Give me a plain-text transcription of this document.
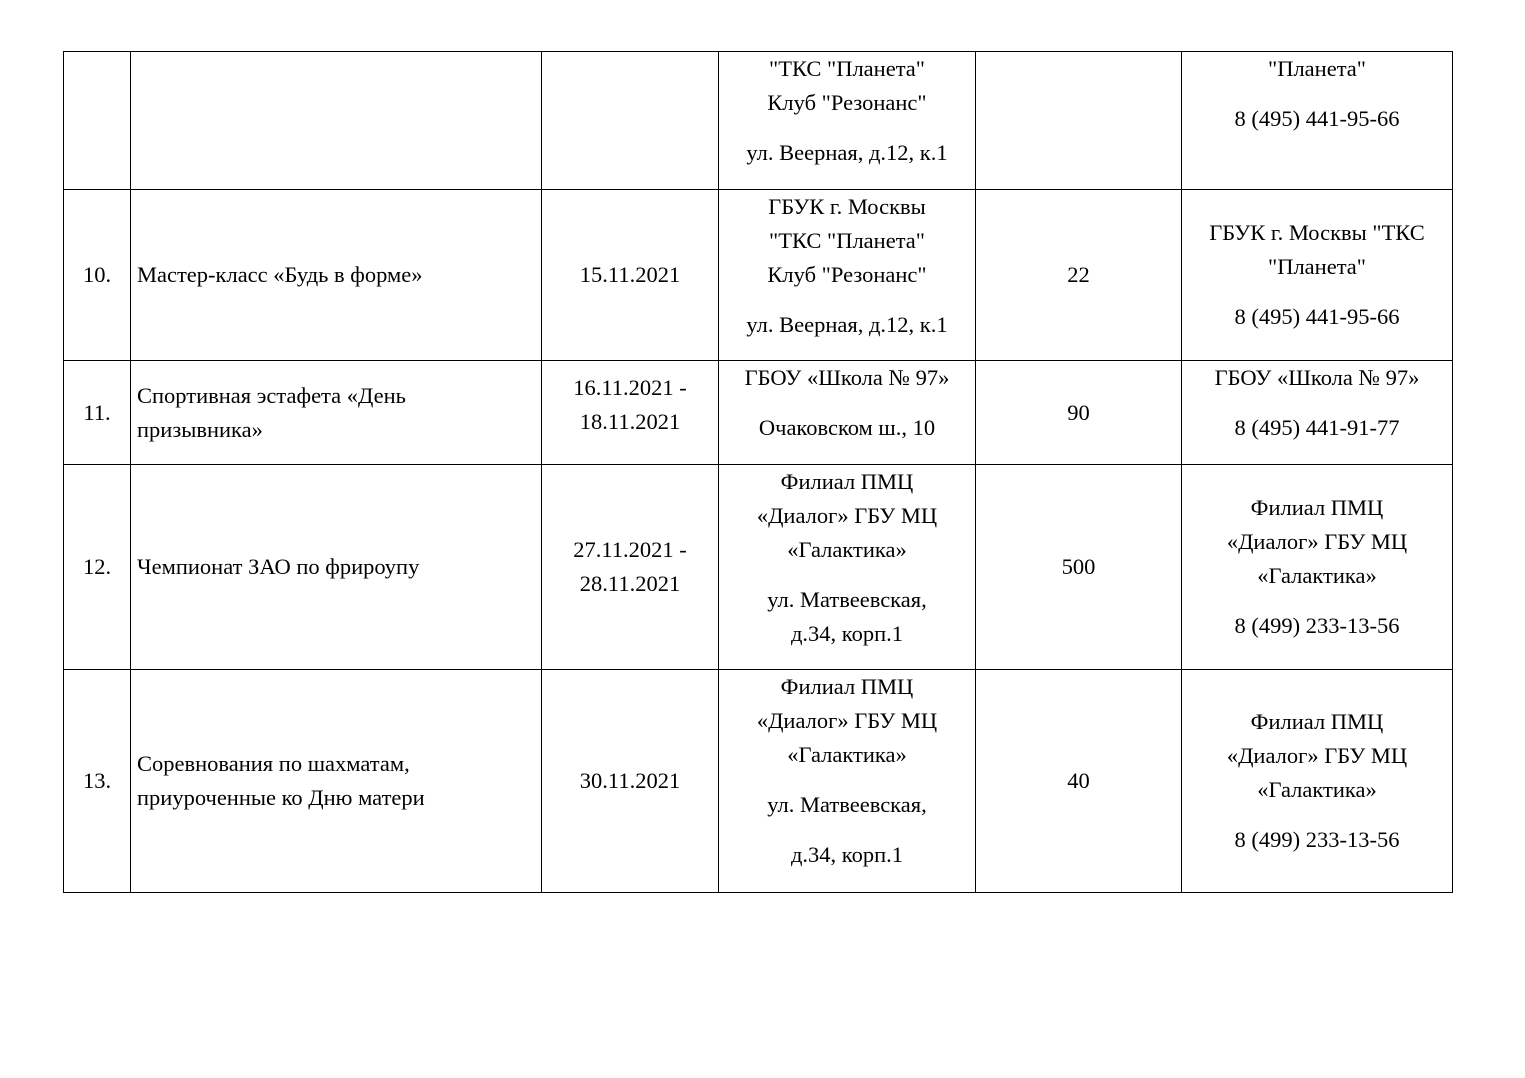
			"ТКС "Планета"
Клуб "Резонанс"
ул. Веерная, д.12, к.1		"Планета"
8 (495) 441-95-66

10.	Мастер-класс «Будь в форме»	15.11.2021	ГБУК г. Москвы
"ТКС "Планета"
Клуб "Резонанс"
ул. Веерная, д.12, к.1	22	ГБУК г. Москвы "ТКС
"Планета"
8 (495) 441-95-66

11.	Спортивная эстафета «День
призывника»	16.11.2021 -
18.11.2021	ГБОУ «Школа № 97»
Очаковском ш., 10	90	ГБОУ «Школа № 97»
8 (495) 441-91-77

12.	Чемпионат ЗАО по фрироупу	27.11.2021 -
28.11.2021	Филиал ПМЦ
«Диалог» ГБУ МЦ
«Галактика»
ул. Матвеевская,
д.34, корп.1	500	Филиал ПМЦ
«Диалог» ГБУ МЦ
«Галактика»
8 (499) 233-13-56

13.	Соревнования по шахматам,
приуроченные ко Дню матери	30.11.2021	Филиал ПМЦ
«Диалог» ГБУ МЦ
«Галактика»
ул. Матвеевская,
д.34, корп.1	40	Филиал ПМЦ
«Диалог» ГБУ МЦ
«Галактика»
8 (499) 233-13-56
